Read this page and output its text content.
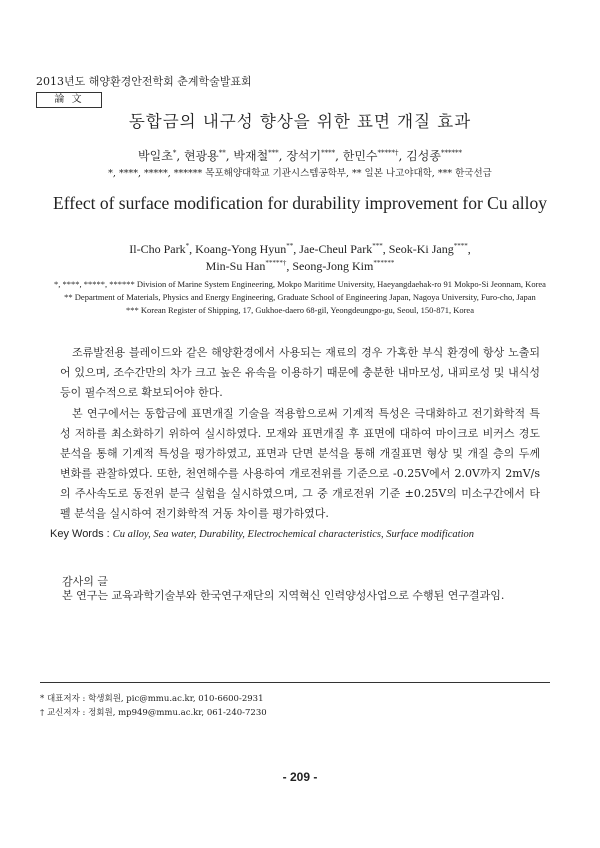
2013년도 해양환경안전학회 춘계학술발표회
論 文
동합금의 내구성 향상을 위한 표면 개질 효과
박일초*, 현광용**, 박재철***, 장석기****, 한민수*****†, 김성종******
*, ****, *****, ****** 목포해양대학교 기관시스템공학부, ** 일본 나고야대학, *** 한국선급
Effect of surface modification for durability improvement for Cu alloy
Il-Cho Park*, Koang-Yong Hyun**, Jae-Cheul Park***, Seok-Ki Jang****,
Min-Su Han*****†, Seong-Jong Kim******
*, ****, *****, ****** Division of Marine System Engineering, Mokpo Maritime University, Haeyangdaehak-ro 91 Mokpo-Si Jeonnam, Korea
** Department of Materials, Physics and Energy Engineering, Graduate School of Engineering Japan, Nagoya University, Furo-cho, Japan
*** Korean Register of Shipping, 17, Gukhoe-daero 68-gil, Yeongdeungpo-gu, Seoul, 150-871, Korea
조류발전용 블레이드와 같은 해양환경에서 사용되는 재료의 경우 가혹한 부식 환경에 항상 노출되어 있으며, 조수간만의 차가 크고 높은 유속을 이용하기 때문에 충분한 내마모성, 내피로성 및 내식성 등이 필수적으로 확보되어야 한다.
본 연구에서는 동합금에 표면개질 기술을 적용함으로써 기계적 특성은 극대화하고 전기화학적 특성 저하를 최소화하기 위하여 실시하였다. 모재와 표면개질 후 표면에 대하여 마이크로 비커스 경도 분석을 통해 기계적 특성을 평가하였고, 표면과 단면 분석을 통해 개질표면 형상 및 개질 층의 두께 변화를 관찰하였다. 또한, 천연해수를 사용하여 개로전위를 기준으로 -0.25V에서 2.0V까지 2mV/s의 주사속도로 동전위 분극 실험을 실시하였으며, 그 중 개로전위 기준 ±0.25V의 미소구간에서 타펠 분석을 실시하여 전기화학적 거동 차이를 평가하였다.
Key Words : Cu alloy, Sea water, Durability, Electrochemical characteristics, Surface modification
감사의 글
본 연구는 교육과학기술부와 한국연구재단의 지역혁신 인력양성사업으로 수행된 연구결과임.
* 대표저자 : 학생회원, pic@mmu.ac.kr, 010-6600-2931
† 교신저자 : 정회원, mp949@mmu.ac.kr, 061-240-7230
- 209 -
